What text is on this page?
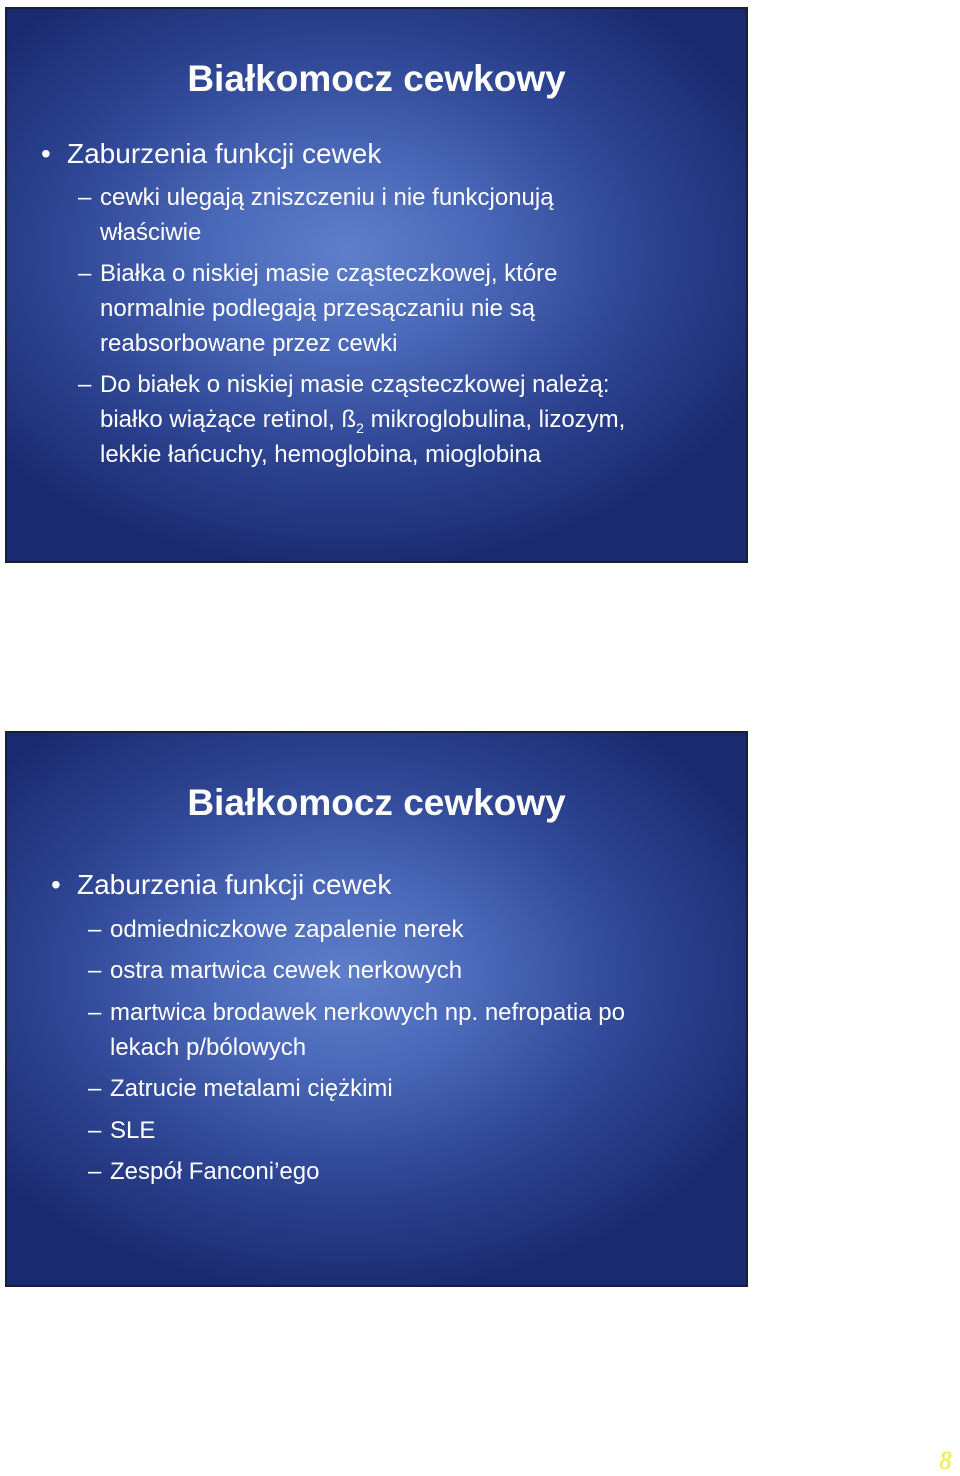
Białkomocz cewkowy
• Zaburzenia funkcji cewek
– cewki ulegają zniszczeniu i nie funkcjonują
właściwie
– Białka o niskiej masie cząsteczkowej, które
normalnie podlegają przesączaniu nie są
reabsorbowane przez cewki
– Do białek o niskiej masie cząsteczkowej należą:
białko wiążące retinol, $ß_2$ mikroglobulina, lizozym,
lekkie łańcuchy, hemoglobina, mioglobina
Białkomocz cewkowy
• Zaburzenia funkcji cewek
– odmiedniczkowe zapalenie nerek
– ostra martwica cewek nerkowych
– martwica brodawek nerkowych np. nefropatia po
lekach p/bólowych
– Zatrucie metalami ciężkimi
– SLE
– Zespół Fanconi’ego
8
